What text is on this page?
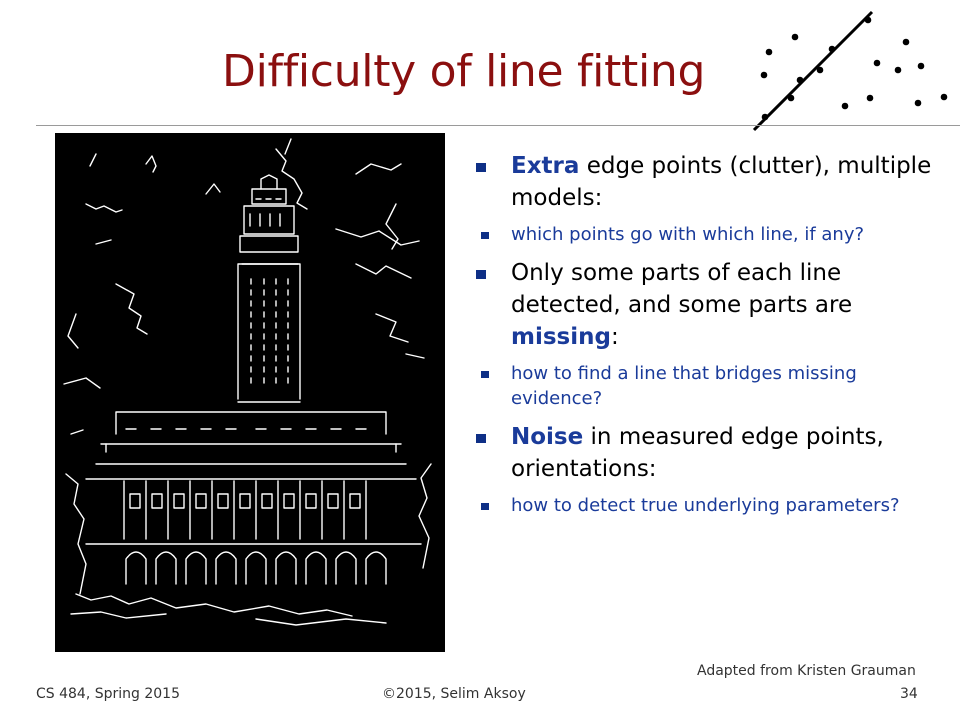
Difficulty of line fitting
Extra edge points (clutter), multiple models:
which points go with which line, if any?
Only some parts of each line detected, and some parts are missing:
how to find a line that bridges missing evidence?
Noise in measured edge points, orientations:
how to detect true underlying parameters?
Adapted from Kristen Grauman
CS 484, Spring 2015	©2015, Selim Aksoy	34
